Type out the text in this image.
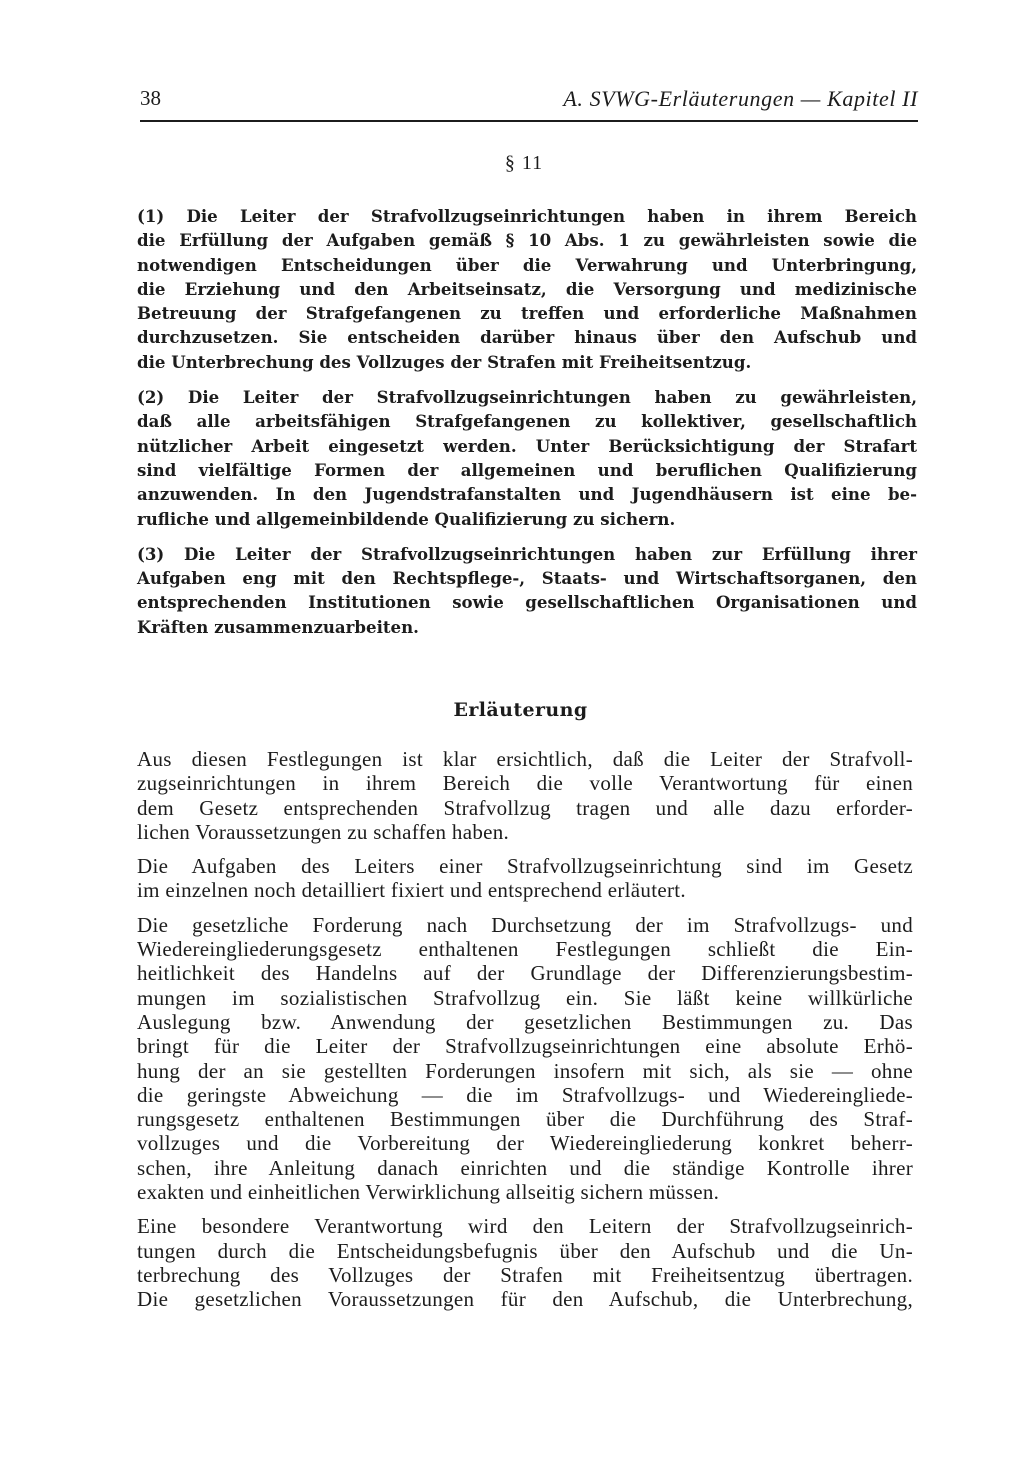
38	A. SVWG-Erläuterungen — Kapitel II
§ 11
(1) Die Leiter der Strafvollzugseinrichtungen haben in ihrem Bereich
die Erfüllung der Aufgaben gemäß § 10 Abs. 1 zu gewährleisten sowie die
notwendigen Entscheidungen über die Verwahrung und Unterbringung,
die Erziehung und den Arbeitseinsatz, die Versorgung und medizinische
Betreuung der Strafgefangenen zu treffen und erforderliche Maßnahmen
durchzusetzen. Sie entscheiden darüber hinaus über den Aufschub und
die Unterbrechung des Vollzuges der Strafen mit Freiheitsentzug.
(2) Die Leiter der Strafvollzugseinrichtungen haben zu gewährleisten,
daß alle arbeitsfähigen Strafgefangenen zu kollektiver, gesellschaftlich
nützlicher Arbeit eingesetzt werden. Unter Berücksichtigung der Strafart
sind vielfältige Formen der allgemeinen und beruflichen Qualifizierung
anzuwenden. In den Jugendstrafanstalten und Jugendhäusern ist eine be-
rufliche und allgemeinbildende Qualifizierung zu sichern.
(3) Die Leiter der Strafvollzugseinrichtungen haben zur Erfüllung ihrer
Aufgaben eng mit den Rechtspflege-, Staats- und Wirtschaftsorganen, den
entsprechenden Institutionen sowie gesellschaftlichen Organisationen und
Kräften zusammenzuarbeiten.
Erläuterung
Aus diesen Festlegungen ist klar ersichtlich, daß die Leiter der Strafvoll-
zugseinrichtungen in ihrem Bereich die volle Verantwortung für einen
dem Gesetz entsprechenden Strafvollzug tragen und alle dazu erforder-
lichen Voraussetzungen zu schaffen haben.
Die Aufgaben des Leiters einer Strafvollzugseinrichtung sind im Gesetz
im einzelnen noch detailliert fixiert und entsprechend erläutert.
Die gesetzliche Forderung nach Durchsetzung der im Strafvollzugs- und
Wiedereingliederungsgesetz enthaltenen Festlegungen schließt die Ein-
heitlichkeit des Handelns auf der Grundlage der Differenzierungsbestim-
mungen im sozialistischen Strafvollzug ein. Sie läßt keine willkürliche
Auslegung bzw. Anwendung der gesetzlichen Bestimmungen zu. Das
bringt für die Leiter der Strafvollzugseinrichtungen eine absolute Erhö-
hung der an sie gestellten Forderungen insofern mit sich, als sie — ohne
die geringste Abweichung — die im Strafvollzugs- und Wiedereingliede-
rungsgesetz enthaltenen Bestimmungen über die Durchführung des Straf-
vollzuges und die Vorbereitung der Wiedereingliederung konkret beherr-
schen, ihre Anleitung danach einrichten und die ständige Kontrolle ihrer
exakten und einheitlichen Verwirklichung allseitig sichern müssen.
Eine besondere Verantwortung wird den Leitern der Strafvollzugseinrich-
tungen durch die Entscheidungsbefugnis über den Aufschub und die Un-
terbrechung des Vollzuges der Strafen mit Freiheitsentzug übertragen.
Die gesetzlichen Voraussetzungen für den Aufschub, die Unterbrechung,
